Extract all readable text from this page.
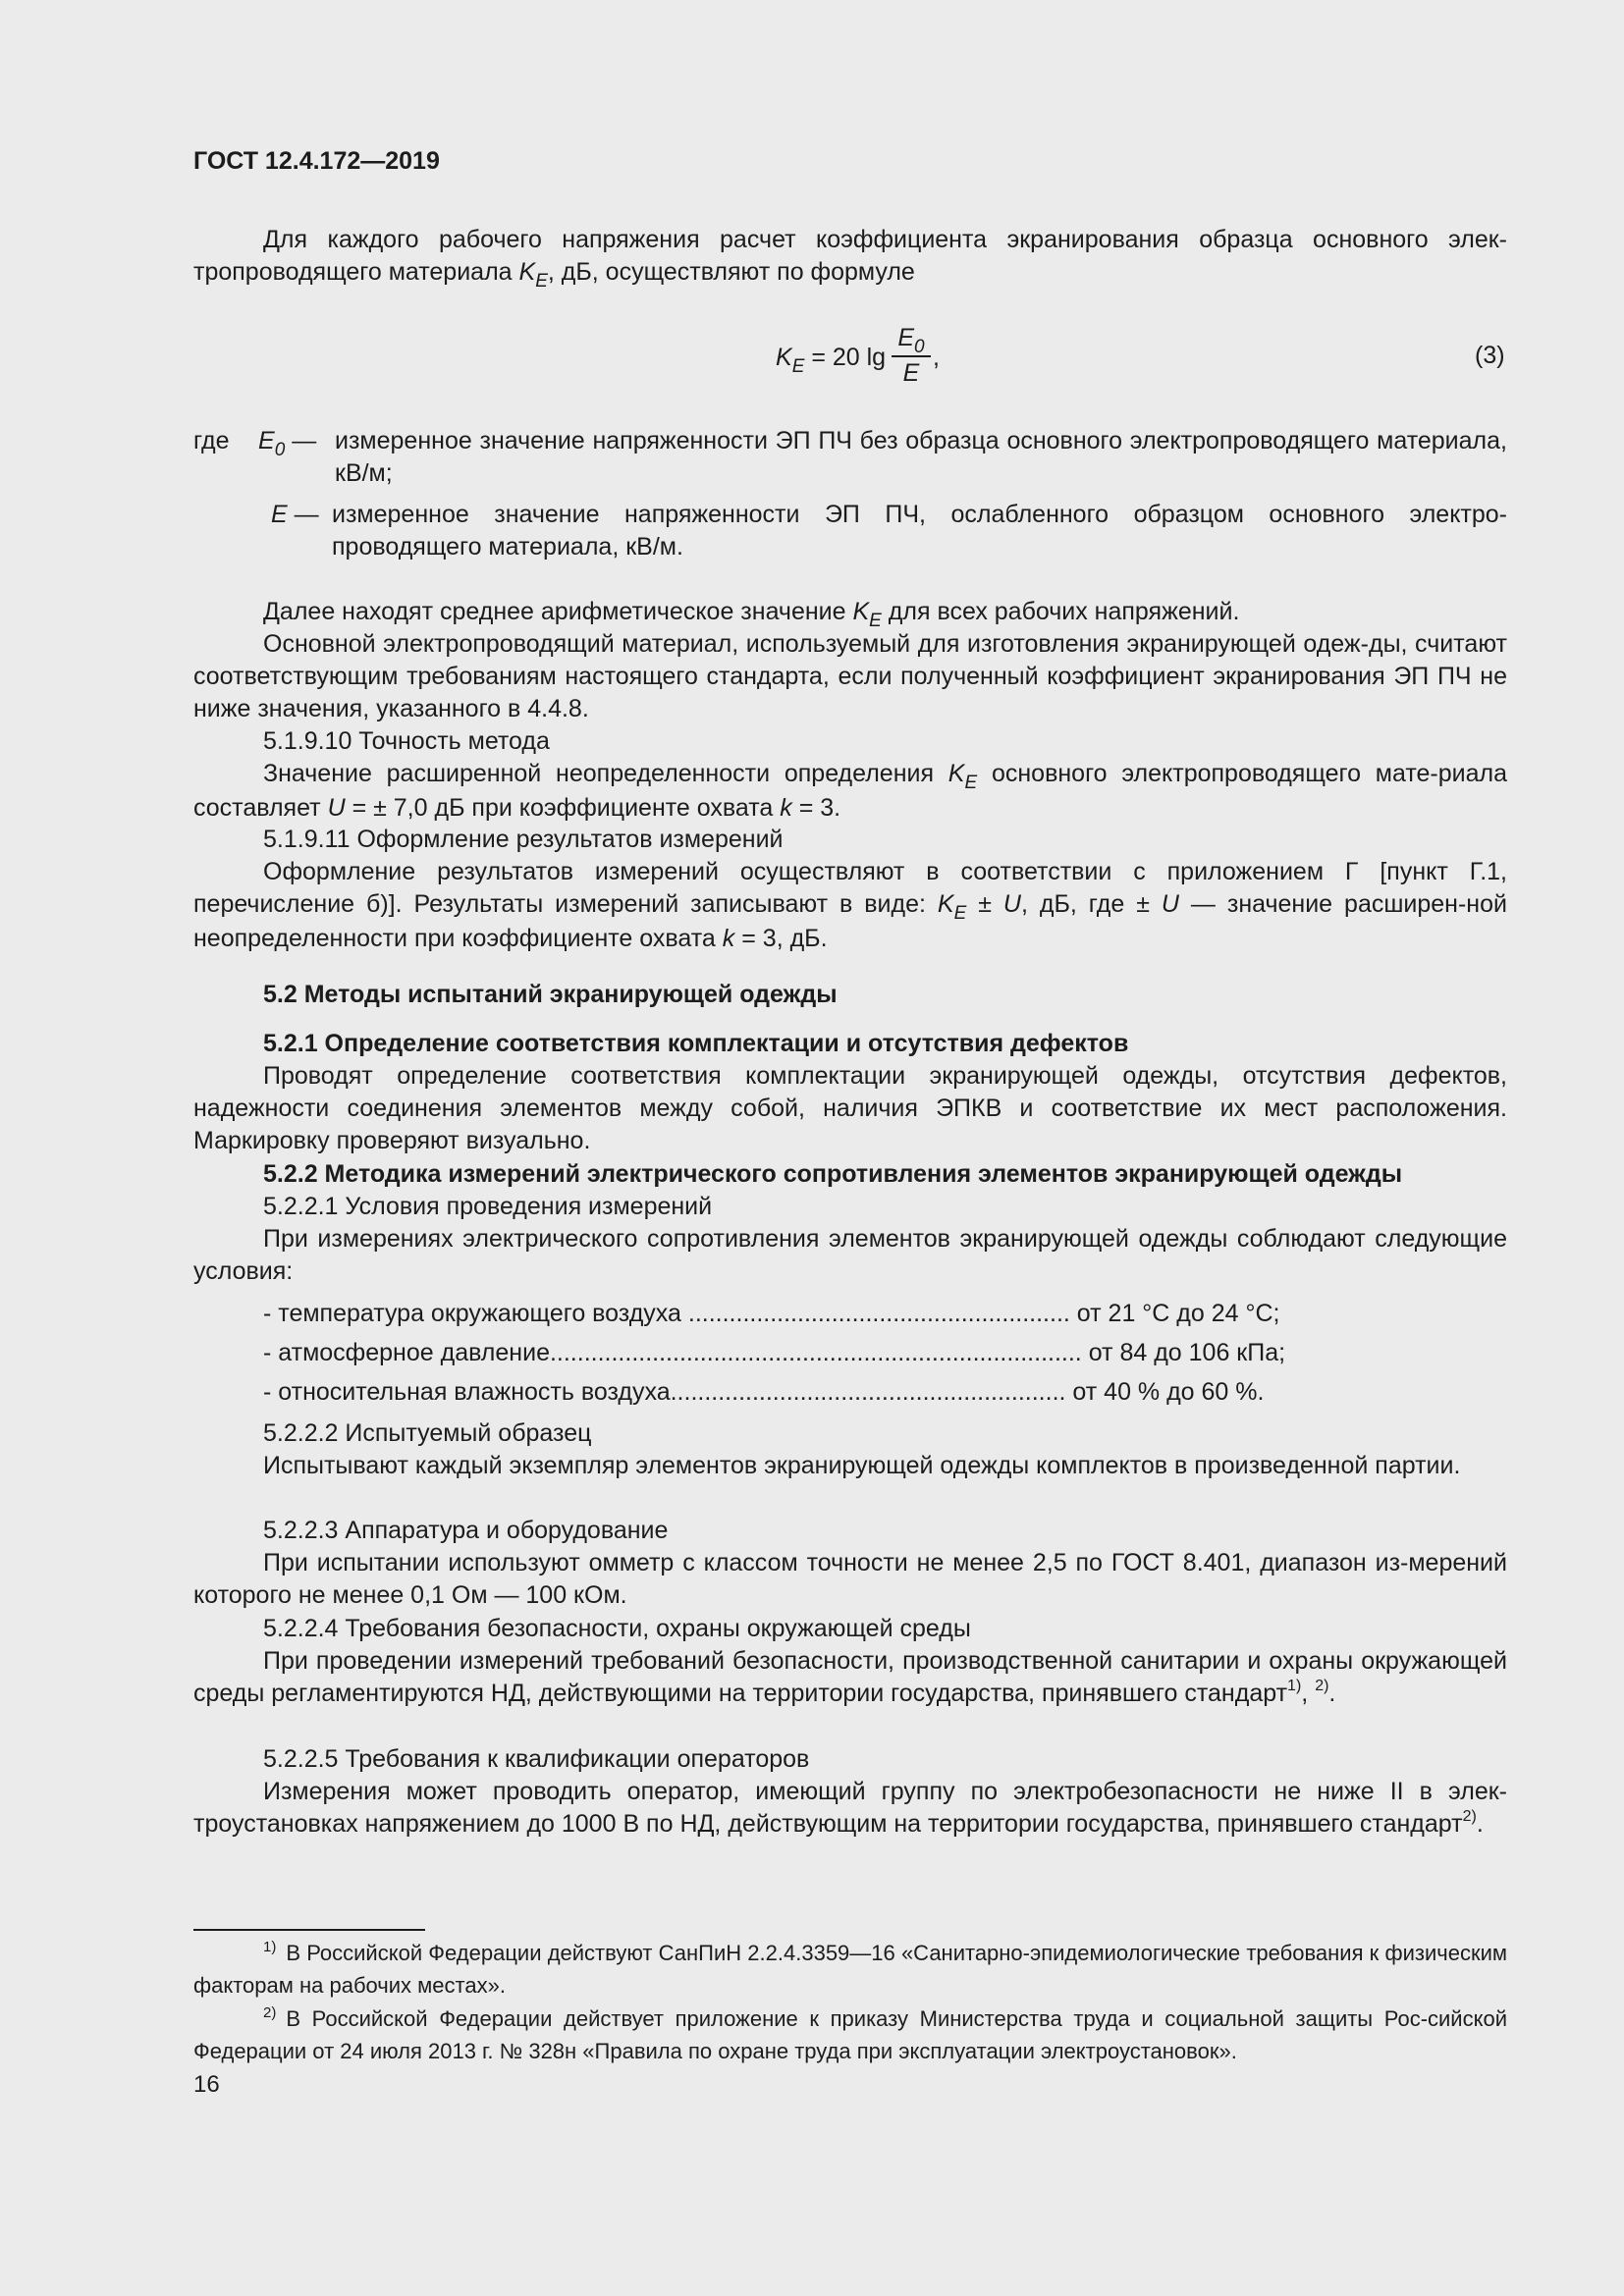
ГОСТ 12.4.172—2019
Для каждого рабочего напряжения расчет коэффициента экранирования образца основного элек-тропроводящего материала $K_E$, дБ, осуществляют по формуле
$K_E = 20$ lg
$E_0$
E
,	(3)
где $E_0$ — измеренное значение напряженности ЭП ПЧ без образца основного электропроводящего материала, кВ/м;
E — измеренное значение напряженности ЭП ПЧ, ослабленного образцом основного электро-проводящего материала, кВ/м.
Далее находят среднее арифметическое значение $K_E$ для всех рабочих напряжений.
Основной электропроводящий материал, используемый для изготовления экранирующей одеж-ды, считают соответствующим требованиям настоящего стандарта, если полученный коэффициент экранирования ЭП ПЧ не ниже значения, указанного в 4.4.8.
5.1.9.10 Точность метода
Значение расширенной неопределенности определения $K_E$ основного электропроводящего мате-риала составляет U = ± 7,0 дБ при коэффициенте охвата k = 3.
5.1.9.11 Оформление результатов измерений
Оформление результатов измерений осуществляют в соответствии с приложением Г [пункт Г.1, перечисление б)]. Результаты измерений записывают в виде: $K_E \pm U$, дБ, где ± U — значение расширен-ной неопределенности при коэффициенте охвата k = 3, дБ.
5.2 Методы испытаний экранирующей одежды
5.2.1 Определение соответствия комплектации и отсутствия дефектов
Проводят определение соответствия комплектации экранирующей одежды, отсутствия дефектов, надежности соединения элементов между собой, наличия ЭПКВ и соответствие их мест расположения. Маркировку проверяют визуально.
5.2.2 Методика измерений электрического сопротивления элементов экранирующей одежды
5.2.2.1 Условия проведения измерений
При измерениях электрического сопротивления элементов экранирующей одежды соблюдают следующие условия:
- температура окружающего воздуха ........................................................ от 21 °С до 24 °С;
- атмосферное давление.............................................................................. от 84 до 106 кПа;
- относительная влажность воздуха.......................................................... от 40 % до 60 %.
5.2.2.2 Испытуемый образец
Испытывают каждый экземпляр элементов экранирующей одежды комплектов в произведенной партии.
5.2.2.3 Аппаратура и оборудование
При испытании используют омметр с классом точности не менее 2,5 по ГОСТ 8.401, диапазон из-мерений которого не менее 0,1 Ом — 100 кОм.
5.2.2.4 Требования безопасности, охраны окружающей среды
При проведении измерений требований безопасности, производственной санитарии и охраны окружающей среды регламентируются НД, действующими на территории государства, принявшего стандарт$^{1)}$, $^{2)}$.
5.2.2.5 Требования к квалификации операторов
Измерения может проводить оператор, имеющий группу по электробезопасности не ниже II в элек-троустановках напряжением до 1000 В по НД, действующим на территории государства, принявшего стандарт$^{2)}$.
$^{1)}$ В Российской Федерации действуют СанПиН 2.2.4.3359—16 «Санитарно-эпидемиологические требования к физическим факторам на рабочих местах».
$^{2)}$ В Российской Федерации действует приложение к приказу Министерства труда и социальной защиты Рос-сийской Федерации от 24 июля 2013 г. № 328н «Правила по охране труда при эксплуатации электроустановок».
16
